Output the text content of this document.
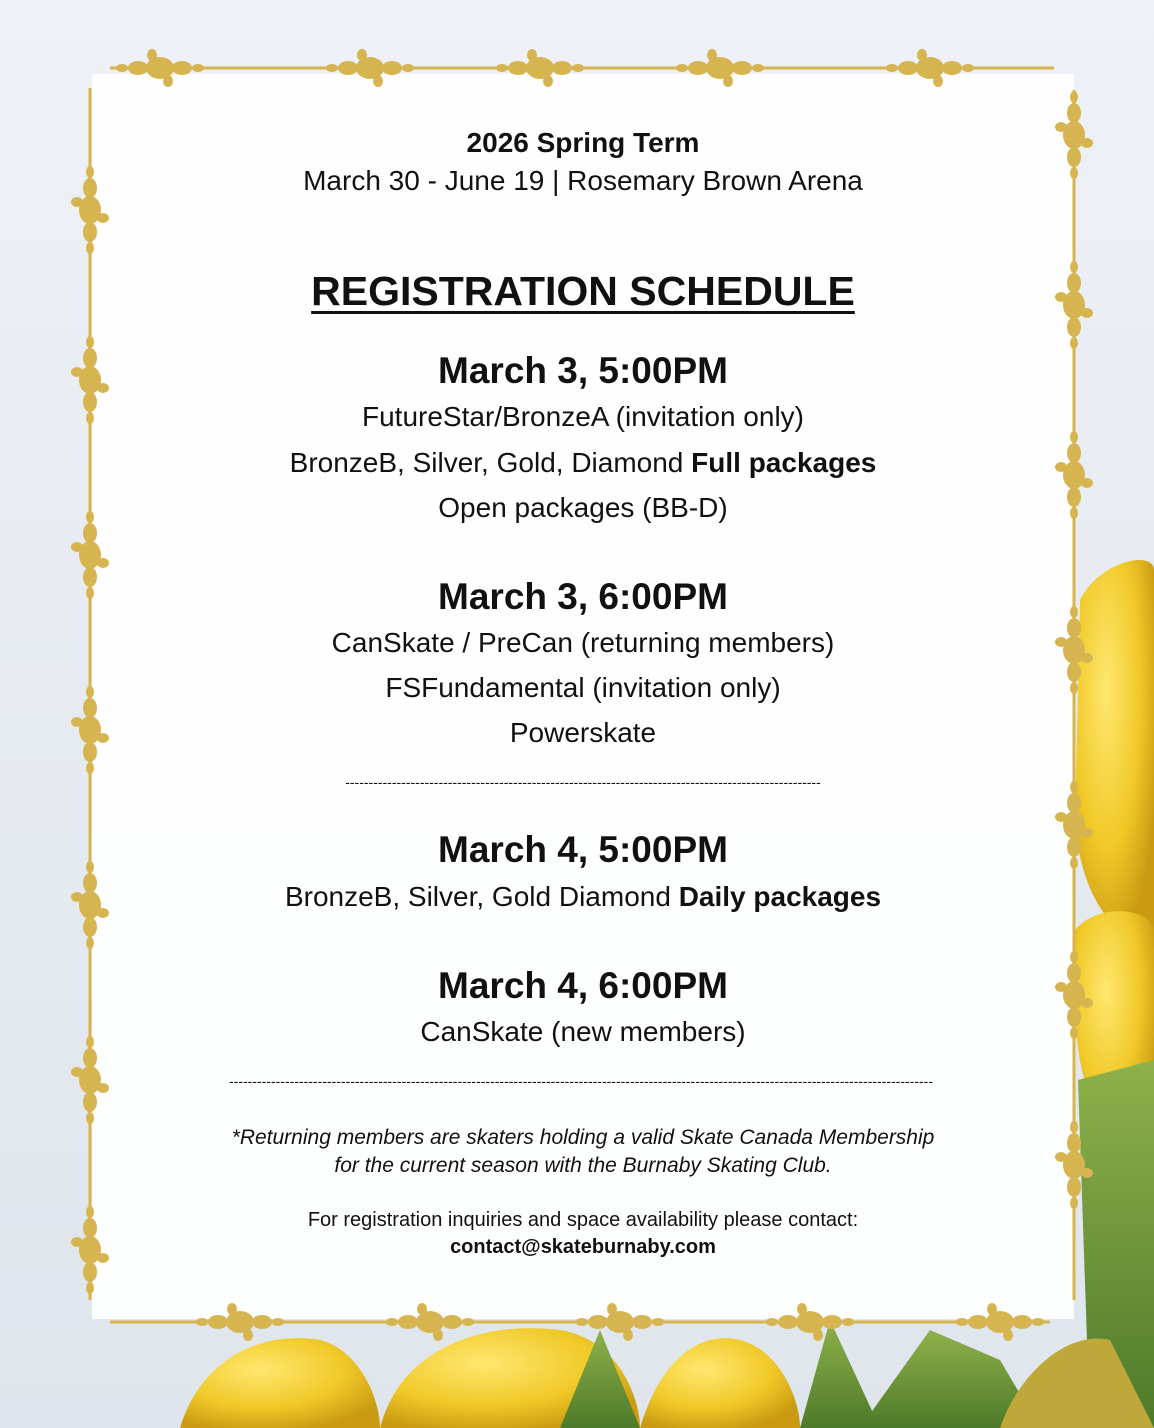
2026 Spring Term

March 30 - June 19 | Rosemary Brown Arena

REGISTRATION SCHEDULE

March 3, 5:00PM

FutureStar/BronzeA (invitation only)

BronzeB, Silver, Gold, Diamond Full packages

Open packages (BB-D)

March 3, 6:00PM

CanSkate / PreCan (returning members)

FSFundamental (invitation only)

Powerskate

------------------------------------------------------------------------------------------------------

March 4, 5:00PM

BronzeB, Silver, Gold Diamond Daily packages

March 4, 6:00PM

CanSkate (new members)

-------------------------------------------------------------------------------------------------------------------------------------------------------

*Returning members are skaters holding a valid Skate Canada Membership

for the current season with the Burnaby Skating Club.

For registration inquiries and space availability please contact:

contact@skateburnaby.com
